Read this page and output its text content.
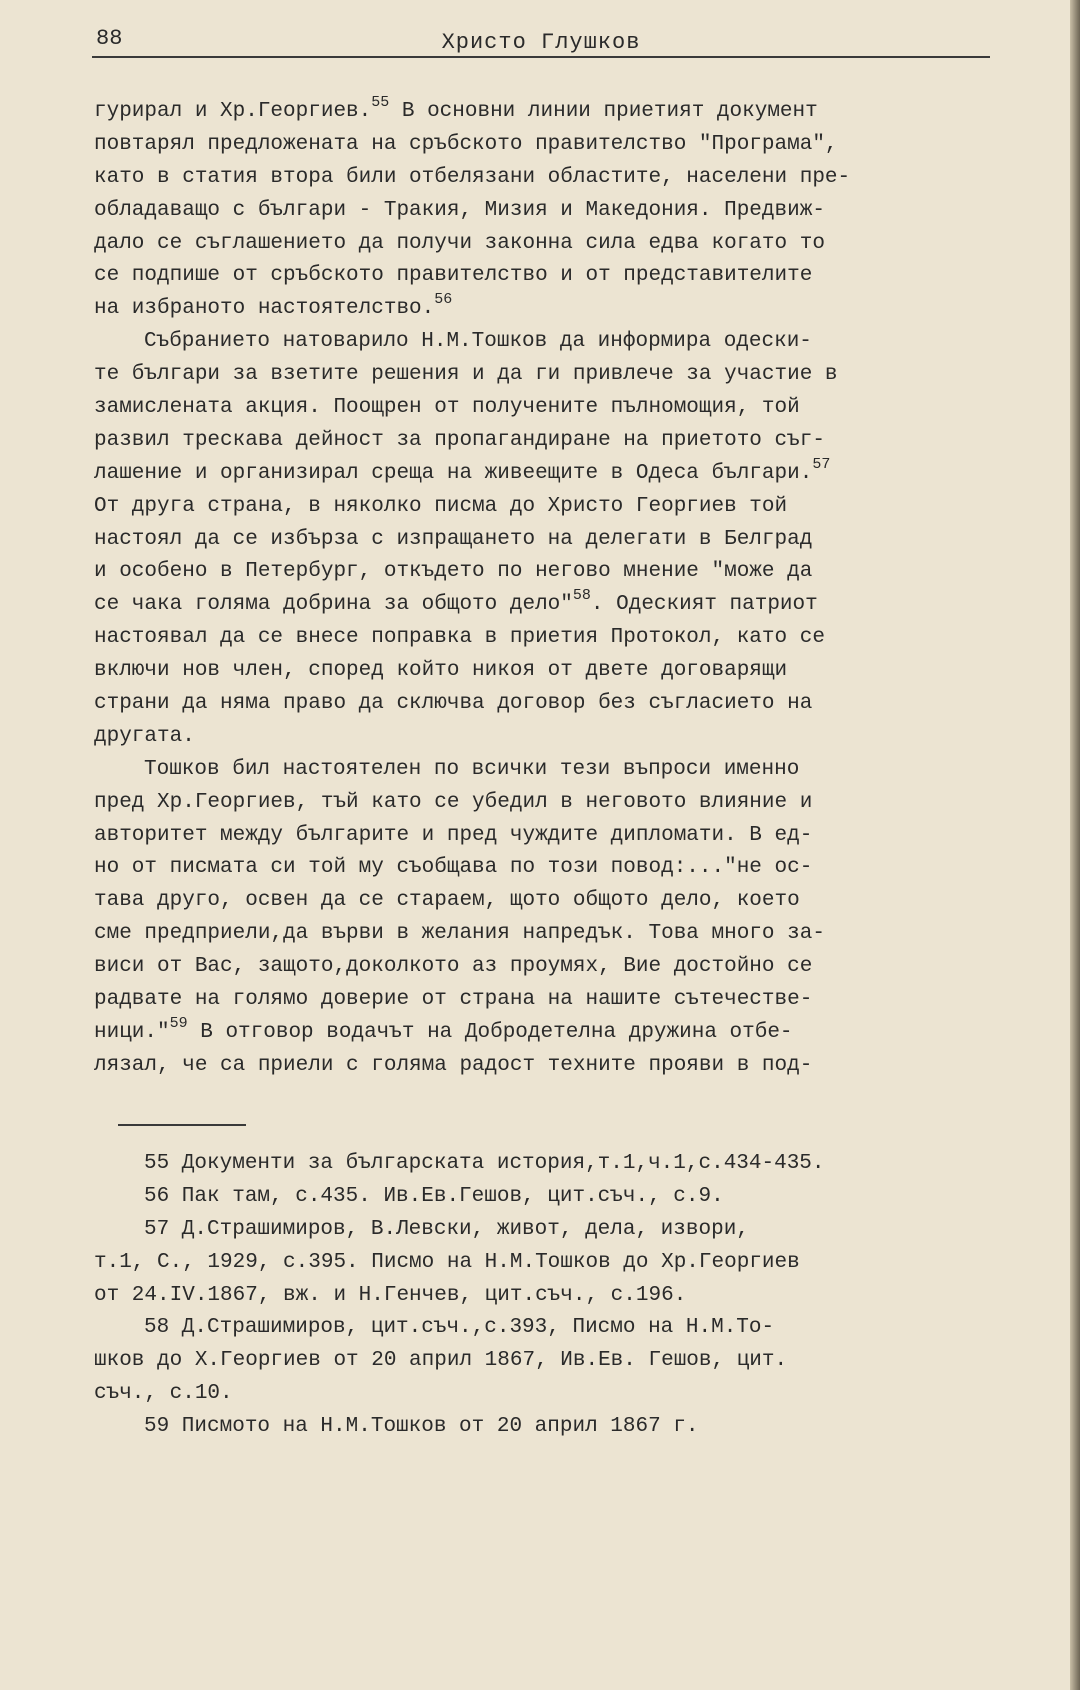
88	Христо Глушков
гурирал и Хр.Георгиев.$^{55}$ В основни линии приетият документ
повтарял предложената на сръбското правителство "Програма",
като в статия втора били отбелязани областите, населени пре-
обладаващо с българи - Тракия, Мизия и Македония. Предвиж-
дало се съглашението да получи законна сила едва когато то
се подпише от сръбското правителство и от представителите
на избраното настоятелство.$^{56}$
Събранието натоварило Н.М.Тошков да информира одески-
те българи за взетите решения и да ги привлече за участие в
замислената акция. Поощрен от получените пълномощия, той
развил трескава дейност за пропагандиране на приетото съг-
лашение и организирал среща на живеещите в Одеса българи.$^{57}$
От друга страна, в няколко писма до Христо Георгиев той
настоял да се избърза с изпращането на делегати в Белград
и особено в Петербург, откъдето по негово мнение "може да
се чака голяма добрина за общото дело"$^{58}$. Одеският патриот
настоявал да се внесе поправка в приетия Протокол, като се
включи нов член, според който никоя от двете договарящи
страни да няма право да сключва договор без съгласието на
другата.
Тошков бил настоятелен по всички тези въпроси именно
пред Хр.Георгиев, тъй като се убедил в неговото влияние и
авторитет между българите и пред чуждите дипломати. В ед-
но от писмата си той му съобщава по този повод:..."не ос-
тава друго, освен да се стараем, щото общото дело, което
сме предприели,да върви в желания напредък. Това много за-
виси от Вас, защото,доколкото аз проумях, Вие достойно се
радвате на голямо доверие от страна на нашите сътечестве-
ници."$^{59}$ В отговор водачът на Добродетелна дружина отбе-
лязал, че са приели с голяма радост техните прояви в под-
55 Документи за българската история,т.1,ч.1,с.434-435.
56 Пак там, с.435. Ив.Ев.Гешов, цит.съч., с.9.
57 Д.Страшимиров, В.Левски, живот, дела, извори,
т.1, С., 1929, с.395. Писмо на Н.М.Тошков до Хр.Георгиев
от 24.IV.1867, вж. и Н.Генчев, цит.съч., с.196.
58 Д.Страшимиров, цит.съч.,с.393, Писмо на Н.М.То-
шков до Х.Георгиев от 20 април 1867, Ив.Ев. Гешов, цит.
съч., с.10.
59 Писмото на Н.М.Тошков от 20 април 1867 г.
